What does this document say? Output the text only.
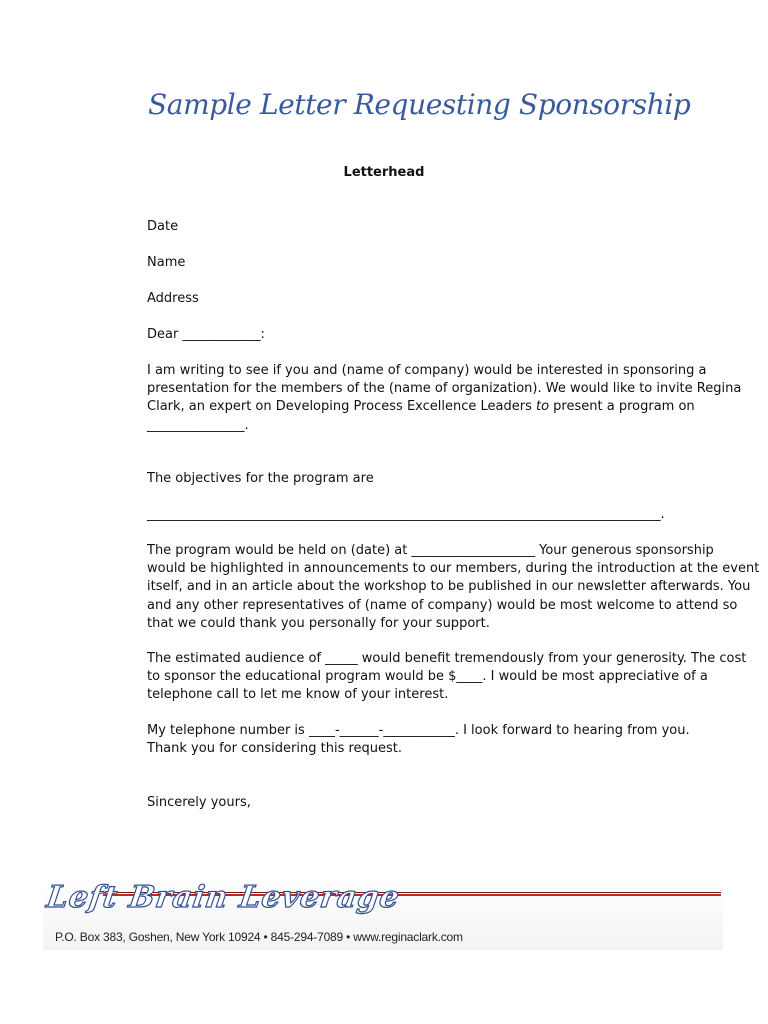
Sample Letter Requesting Sponsorship
Letterhead
Date
Name
Address
Dear ____________:
I am writing to see if you and (name of company) would be interested in sponsoring a
presentation for the members of the (name of organization). We would like to invite Regina
Clark, an expert on Developing Process Excellence Leaders to present a program on
_______________.
The objectives for the program are
_______________________________________________________________________________.
The program would be held on (date) at ___________________ Your generous sponsorship
would be highlighted in announcements to our members, during the introduction at the event
itself, and in an article about the workshop to be published in our newsletter afterwards. You
and any other representatives of (name of company) would be most welcome to attend so
that we could thank you personally for your support.
The estimated audience of _____ would benefit tremendously from your generosity. The cost
to sponsor the educational program would be $____. I would be most appreciative of a
telephone call to let me know of your interest.
My telephone number is ____-______-___________. I look forward to hearing from you.
Thank you for considering this request.
Sincerely yours,
Left Brain Leverage
P.O. Box 383, Goshen, New York 10924 • 845-294-7089 • www.reginaclark.com
